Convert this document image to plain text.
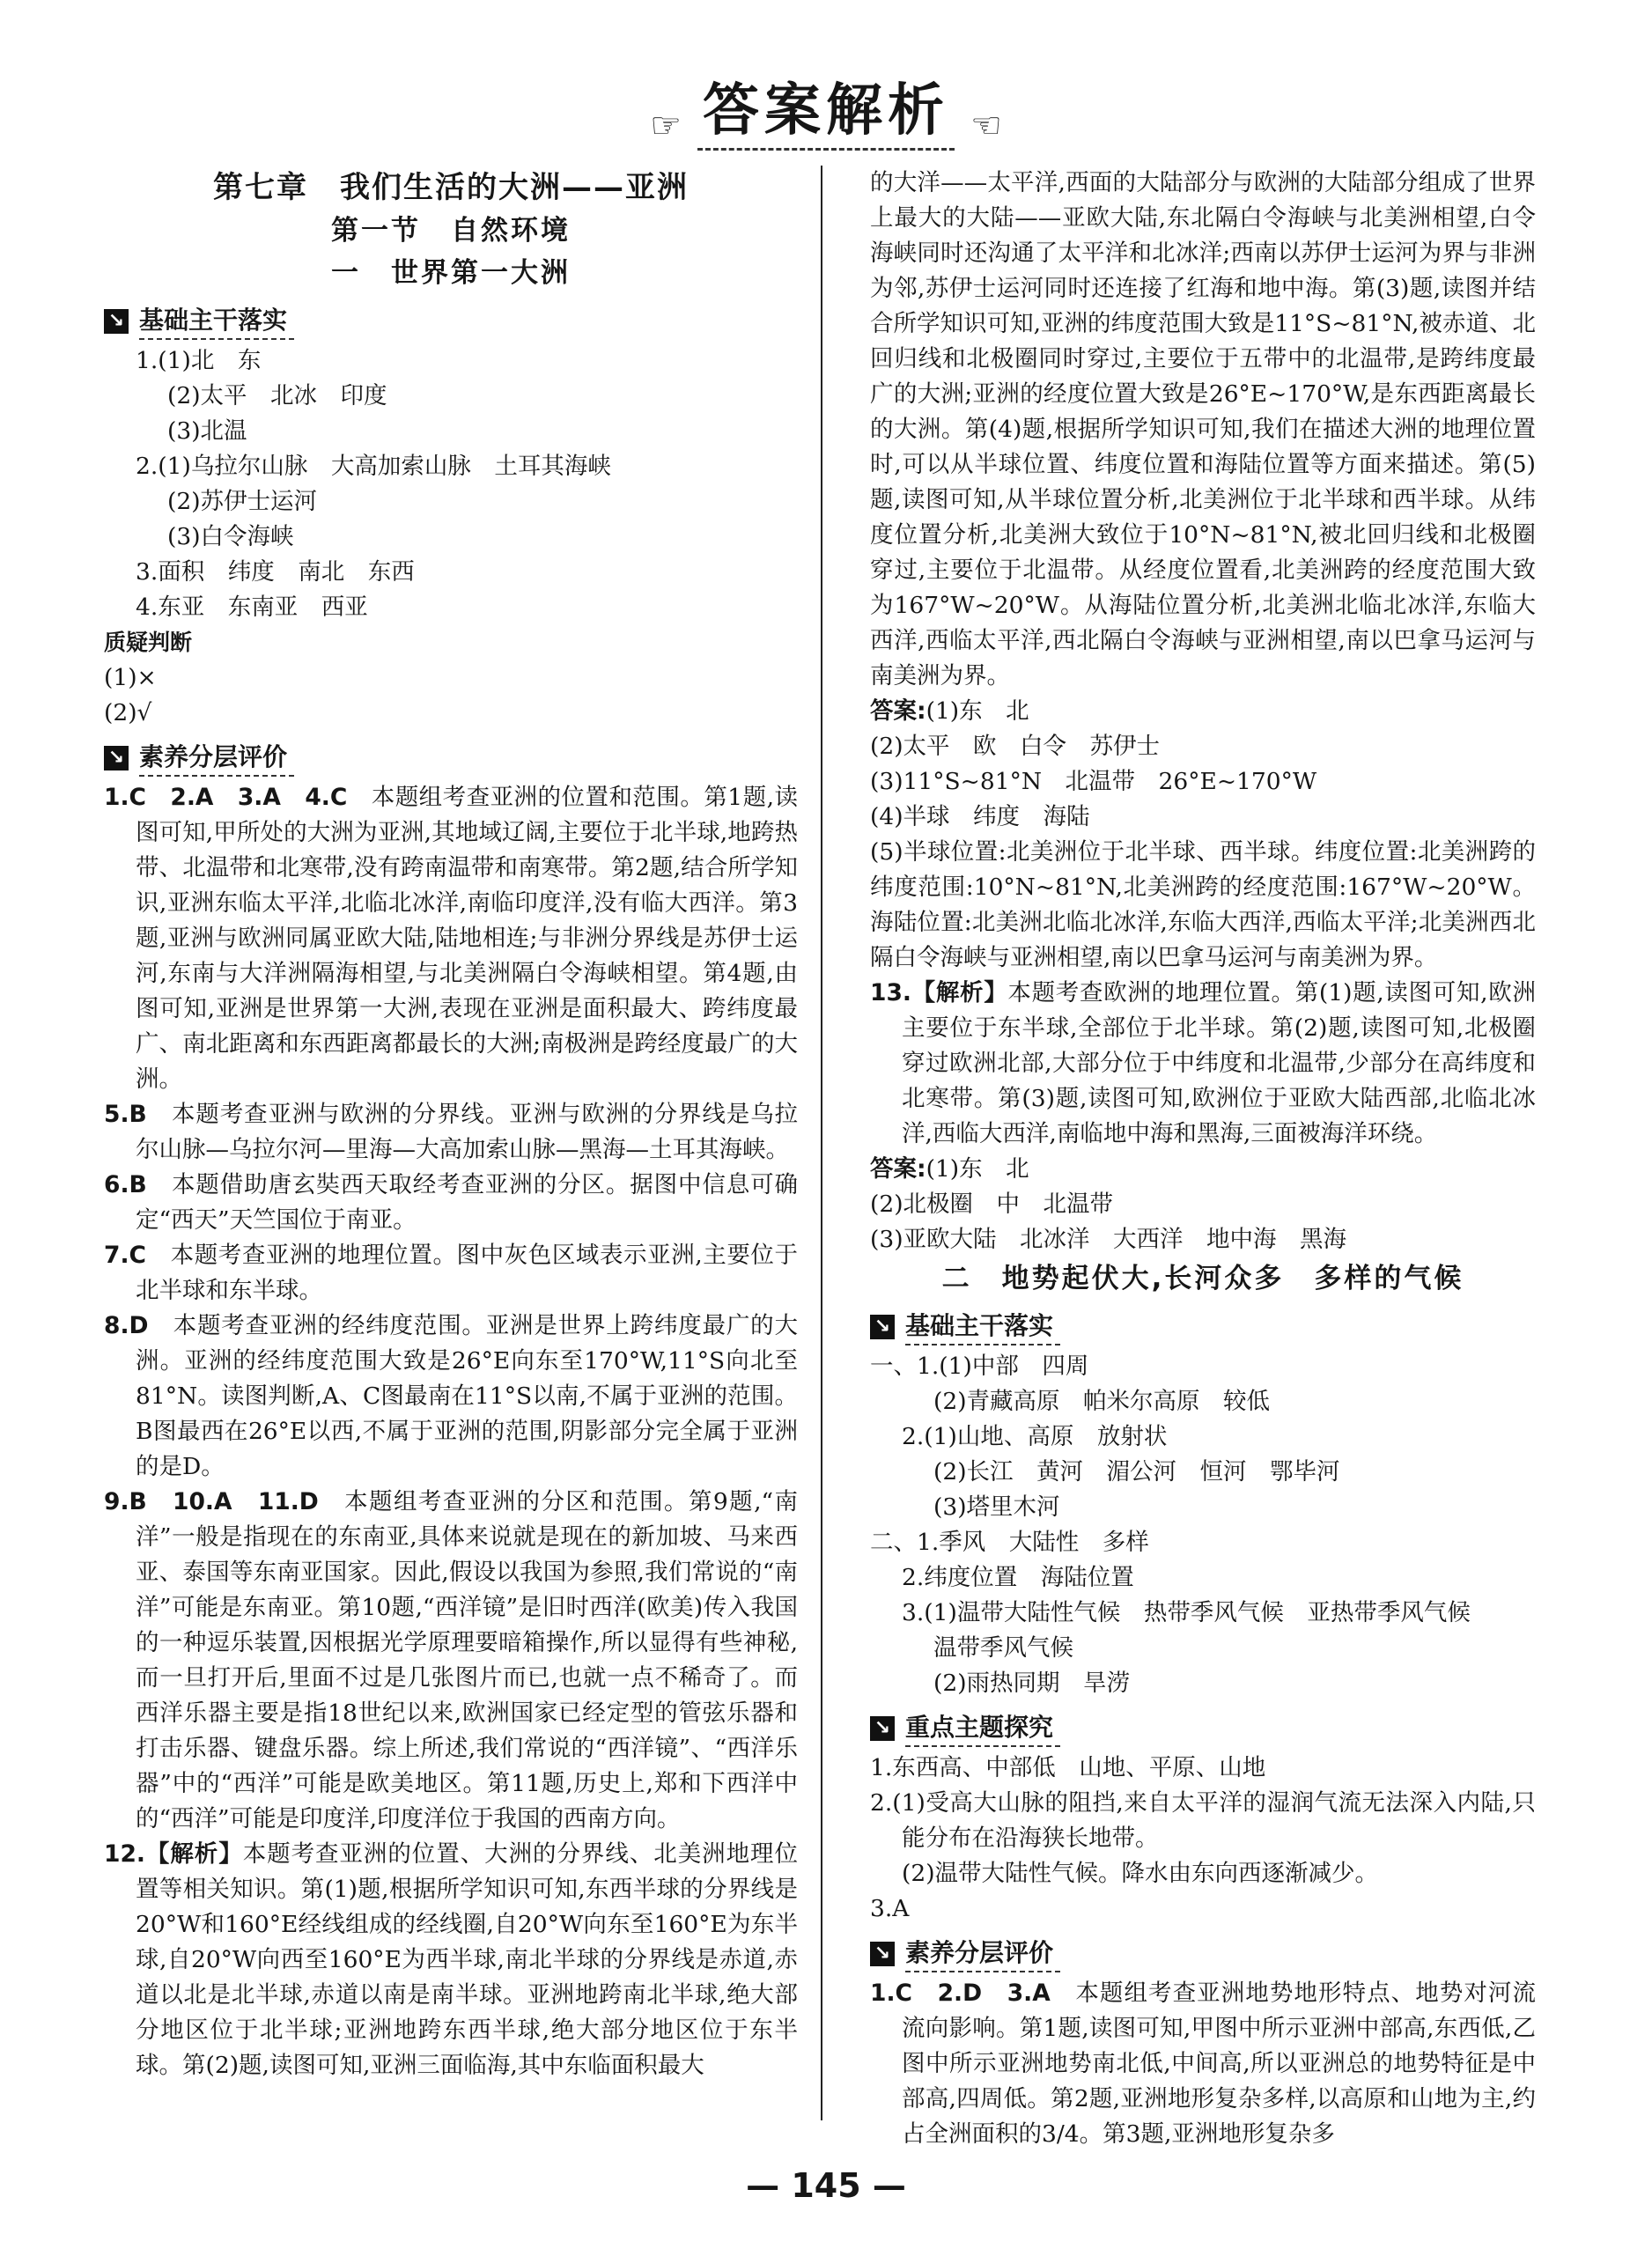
☞ 答案解析 ☜
第七章　我们生活的大洲——亚洲
第一节　自然环境
一　世界第一大洲
↘ 基础主干落实

1.(1)北　东

(2)太平　北冰　印度

(3)北温

2.(1)乌拉尔山脉　大高加索山脉　土耳其海峡

(2)苏伊士运河

(3)白令海峡

3.面积　纬度　南北　东西

4.东亚　东南亚　西亚

质疑判断

(1)×

(2)√

↘ 素养分层评价

1.C　2.A　3.A　4.C　本题组考查亚洲的位置和范围。第1题,读图可知,甲所处的大洲为亚洲,其地域辽阔,主要位于北半球,地跨热带、北温带和北寒带,没有跨南温带和南寒带。第2题,结合所学知识,亚洲东临太平洋,北临北冰洋,南临印度洋,没有临大西洋。第3题,亚洲与欧洲同属亚欧大陆,陆地相连;与非洲分界线是苏伊士运河,东南与大洋洲隔海相望,与北美洲隔白令海峡相望。第4题,由图可知,亚洲是世界第一大洲,表现在亚洲是面积最大、跨纬度最广、南北距离和东西距离都最长的大洲;南极洲是跨经度最广的大洲。

5.B　本题考查亚洲与欧洲的分界线。亚洲与欧洲的分界线是乌拉尔山脉—乌拉尔河—里海—大高加索山脉—黑海—土耳其海峡。

6.B　本题借助唐玄奘西天取经考查亚洲的分区。据图中信息可确定“西天”天竺国位于南亚。

7.C　本题考查亚洲的地理位置。图中灰色区域表示亚洲,主要位于北半球和东半球。

8.D　本题考查亚洲的经纬度范围。亚洲是世界上跨纬度最广的大洲。亚洲的经纬度范围大致是26°E向东至170°W,11°S向北至81°N。读图判断,A、C图最南在11°S以南,不属于亚洲的范围。B图最西在26°E以西,不属于亚洲的范围,阴影部分完全属于亚洲的是D。

9.B　10.A　11.D　本题组考查亚洲的分区和范围。第9题,“南洋”一般是指现在的东南亚,具体来说就是现在的新加坡、马来西亚、泰国等东南亚国家。因此,假设以我国为参照,我们常说的“南洋”可能是东南亚。第10题,“西洋镜”是旧时西洋(欧美)传入我国的一种逗乐装置,因根据光学原理要暗箱操作,所以显得有些神秘,而一旦打开后,里面不过是几张图片而已,也就一点不稀奇了。而西洋乐器主要是指18世纪以来,欧洲国家已经定型的管弦乐器和打击乐器、键盘乐器。综上所述,我们常说的“西洋镜”、“西洋乐器”中的“西洋”可能是欧美地区。第11题,历史上,郑和下西洋中的“西洋”可能是印度洋,印度洋位于我国的西南方向。

12.【解析】本题考查亚洲的位置、大洲的分界线、北美洲地理位置等相关知识。第(1)题,根据所学知识可知,东西半球的分界线是20°W和160°E经线组成的经线圈,自20°W向东至160°E为东半球,自20°W向西至160°E为西半球,南北半球的分界线是赤道,赤道以北是北半球,赤道以南是南半球。亚洲地跨南北半球,绝大部分地区位于北半球;亚洲地跨东西半球,绝大部分地区位于东半球。第(2)题,读图可知,亚洲三面临海,其中东临面积最大

的大洋——太平洋,西面的大陆部分与欧洲的大陆部分组成了世界上最大的大陆——亚欧大陆,东北隔白令海峡与北美洲相望,白令海峡同时还沟通了太平洋和北冰洋;西南以苏伊士运河为界与非洲为邻,苏伊士运河同时还连接了红海和地中海。第(3)题,读图并结合所学知识可知,亚洲的纬度范围大致是11°S~81°N,被赤道、北回归线和北极圈同时穿过,主要位于五带中的北温带,是跨纬度最广的大洲;亚洲的经度位置大致是26°E~170°W,是东西距离最长的大洲。第(4)题,根据所学知识可知,我们在描述大洲的地理位置时,可以从半球位置、纬度位置和海陆位置等方面来描述。第(5)题,读图可知,从半球位置分析,北美洲位于北半球和西半球。从纬度位置分析,北美洲大致位于10°N~81°N,被北回归线和北极圈穿过,主要位于北温带。从经度位置看,北美洲跨的经度范围大致为167°W~20°W。从海陆位置分析,北美洲北临北冰洋,东临大西洋,西临太平洋,西北隔白令海峡与亚洲相望,南以巴拿马运河与南美洲为界。

答案:(1)东　北

(2)太平　欧　白令　苏伊士

(3)11°S~81°N　北温带　26°E~170°W

(4)半球　纬度　海陆

(5)半球位置:北美洲位于北半球、西半球。纬度位置:北美洲跨的纬度范围:10°N~81°N,北美洲跨的经度范围:167°W~20°W。海陆位置:北美洲北临北冰洋,东临大西洋,西临太平洋;北美洲西北隔白令海峡与亚洲相望,南以巴拿马运河与南美洲为界。

13.【解析】本题考查欧洲的地理位置。第(1)题,读图可知,欧洲主要位于东半球,全部位于北半球。第(2)题,读图可知,北极圈穿过欧洲北部,大部分位于中纬度和北温带,少部分在高纬度和北寒带。第(3)题,读图可知,欧洲位于亚欧大陆西部,北临北冰洋,西临大西洋,南临地中海和黑海,三面被海洋环绕。

答案:(1)东　北

(2)北极圈　中　北温带

(3)亚欧大陆　北冰洋　大西洋　地中海　黑海

二　地势起伏大,长河众多　多样的气候
↘ 基础主干落实

一、1.(1)中部　四周

(2)青藏高原　帕米尔高原　较低

2.(1)山地、高原　放射状

(2)长江　黄河　湄公河　恒河　鄂毕河

(3)塔里木河

二、1.季风　大陆性　多样

2.纬度位置　海陆位置

3.(1)温带大陆性气候　热带季风气候　亚热带季风气候

温带季风气候

(2)雨热同期　旱涝

↘ 重点主题探究

1.东西高、中部低　山地、平原、山地

2.(1)受高大山脉的阻挡,来自太平洋的湿润气流无法深入内陆,只能分布在沿海狭长地带。

(2)温带大陆性气候。降水由东向西逐渐减少。

3.A

↘ 素养分层评价

1.C　2.D　3.A　本题组考查亚洲地势地形特点、地势对河流流向影响。第1题,读图可知,甲图中所示亚洲中部高,东西低,乙图中所示亚洲地势南北低,中间高,所以亚洲总的地势特征是中部高,四周低。第2题,亚洲地形复杂多样,以高原和山地为主,约占全洲面积的3/4。第3题,亚洲地形复杂多

— 145 —
